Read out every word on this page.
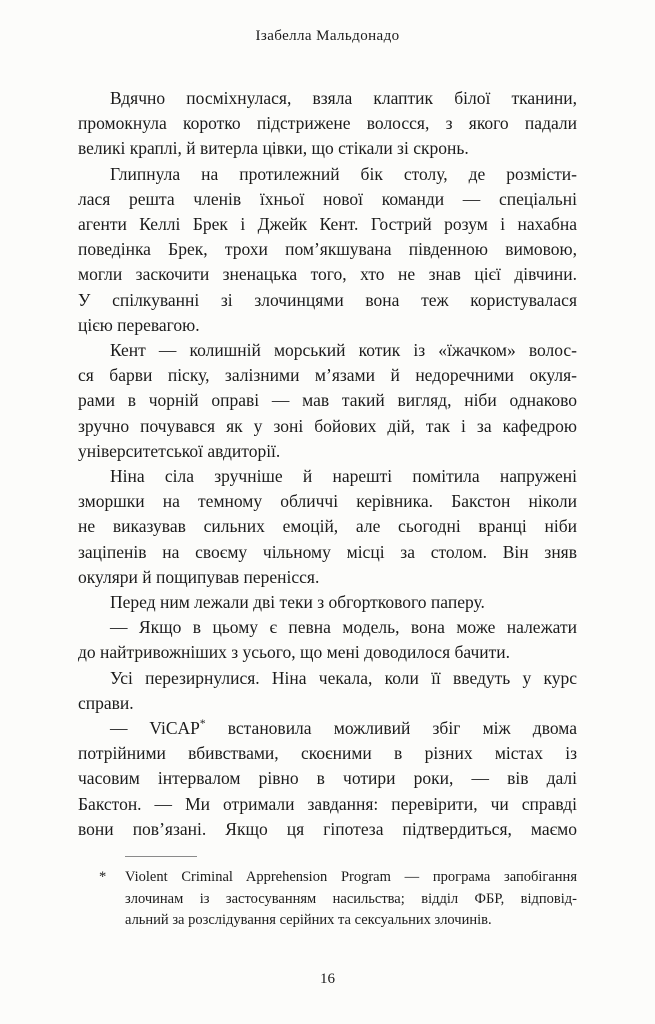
Ізабелла Мальдонадо

Вдячно посміхнулася, взяла клаптик білої тканини,
промокнула коротко підстрижене волосся, з якого падали
великі краплі, й витерла цівки, що стікали зі скронь.

Глипнула на протилежний бік столу, де розмісти-
лася решта членів їхньої нової команди — спеціальні
агенти Келлі Брек і Джейк Кент. Гострий розум і нахабна
поведінка Брек, трохи пом’якшувана південною вимовою,
могли заскочити зненацька того, хто не знав цієї дівчини.
У спілкуванні зі злочинцями вона теж користувалася
цією перевагою.

Кент — колишній морський котик із «їжачком» волос-
ся барви піску, залізними м’язами й недоречними окуля-
рами в чорній оправі — мав такий вигляд, ніби однаково
зручно почувався як у зоні бойових дій, так і за кафедрою
університетської авдиторії.

Ніна сіла зручніше й нарешті помітила напружені
зморшки на темному обличчі керівника. Бакстон ніколи
не виказував сильних емоцій, але сьогодні вранці ніби
заціпенів на своєму чільному місці за столом. Він зняв
окуляри й пощипував перенісся.

Перед ним лежали дві теки з обгорткового паперу.

— Якщо в цьому є певна модель, вона може належати
до найтривожніших з усього, що мені доводилося бачити.

Усі перезирнулися. Ніна чекала, коли її введуть у курс
справи.

— ViCAP* встановила можливий збіг між двома
потрійними вбивствами, скоєними в різних містах із
часовим інтервалом рівно в чотири роки, — вів далі
Бакстон. — Ми отримали завдання: перевірити, чи справді
вони пов’язані. Якщо ця гіпотеза підтвердиться, маємо

* Violent Criminal Apprehension Program — програма запобігання
злочинам із застосуванням насильства; відділ ФБР, відповід-
альний за розслідування серійних та сексуальних злочинів.
16
